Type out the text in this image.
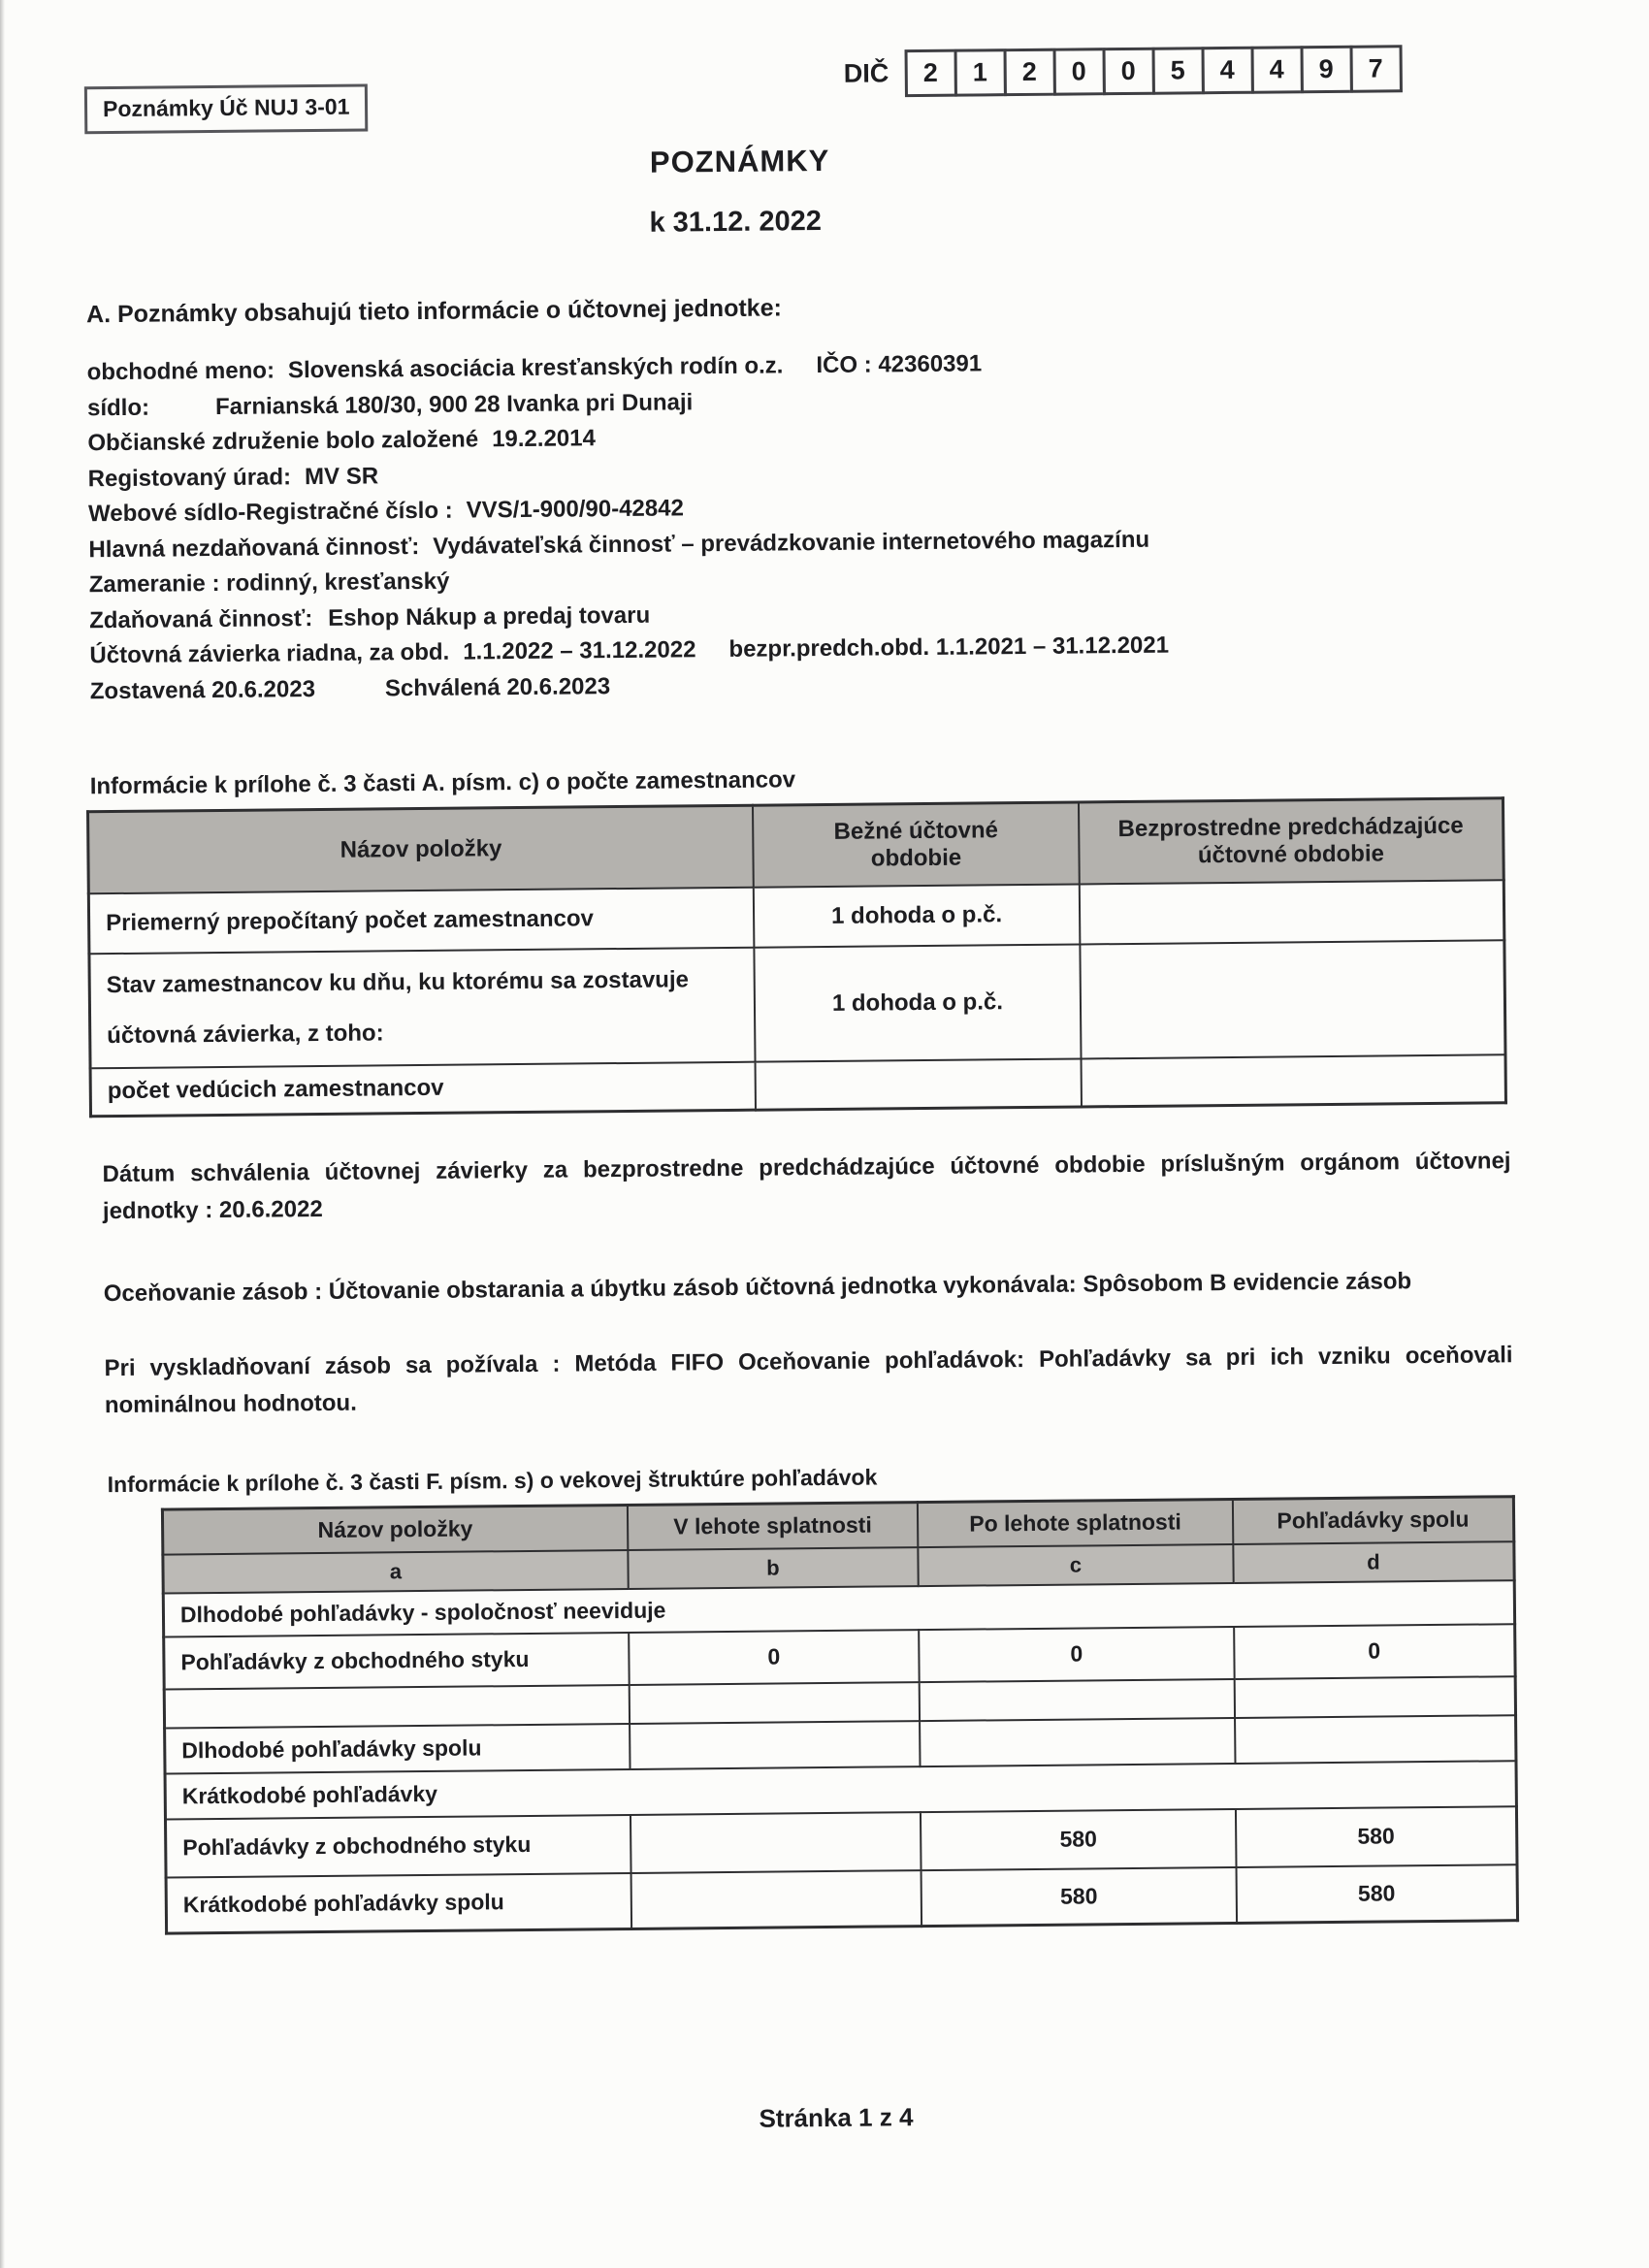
Poznámky Úč NUJ 3-01
DIČ	2	1	2	0	0	5	4	4	9	7
POZNÁMKY
k 31.12. 2022
A. Poznámky obsahujú tieto informácie o účtovnej jednotke:
obchodné meno: Slovenská asociácia kresťanských rodín o.z. IČO : 42360391
sídlo:	Farnianská 180/30, 900 28 Ivanka pri Dunaji
Občianské združenie bolo založené 19.2.2014
Registovaný úrad: MV SR
Webové sídlo-Registračné číslo : VVS/1-900/90-42842
Hlavná nezdaňovaná činnosť: Vydávateľská činnosť – prevádzkovanie internetového magazínu
Zameranie : rodinný, kresťanský
Zdaňovaná činnosť: Eshop Nákup a predaj tovaru
Účtovná závierka riadna, za obd. 1.1.2022 – 31.12.2022 bezpr.predch.obd. 1.1.2021 – 31.12.2021
Zostavená 20.6.2023	Schválená 20.6.2023
Informácie k prílohe č. 3 časti A. písm. c) o počte zamestnancov
Názov položky	Bežné účtovné obdobie	Bezprostredne predchádzajúce účtovné obdobie
Priemerný prepočítaný počet zamestnancov	1 dohoda o p.č.	
Stav zamestnancov ku dňu, ku ktorému sa zostavuje účtovná závierka, z toho:	1 dohoda o p.č.	
počet vedúcich zamestnancov		
Dátum schválenia účtovnej závierky za bezprostredne predchádzajúce účtovné obdobie príslušným orgánom účtovnej jednotky : 20.6.2022
Oceňovanie zásob : Účtovanie obstarania a úbytku zásob účtovná jednotka vykonávala: Spôsobom B evidencie zásob
Pri vyskladňovaní zásob sa požívala : Metóda FIFO Oceňovanie pohľadávok: Pohľadávky sa pri ich vzniku oceňovali nominálnou hodnotou.
Informácie k prílohe č. 3 časti F. písm. s) o vekovej štruktúre pohľadávok
Názov položky	V lehote splatnosti	Po lehote splatnosti	Pohľadávky spolu
a	b	c	d
Dlhodobé pohľadávky - spoločnosť neeviduje			
Pohľadávky z obchodného styku	0	0	0

Dlhodobé pohľadávky spolu			
Krátkodobé pohľadávky			
Pohľadávky z obchodného styku		580	580
Krátkodobé pohľadávky spolu		580	580
Stránka 1 z 4
